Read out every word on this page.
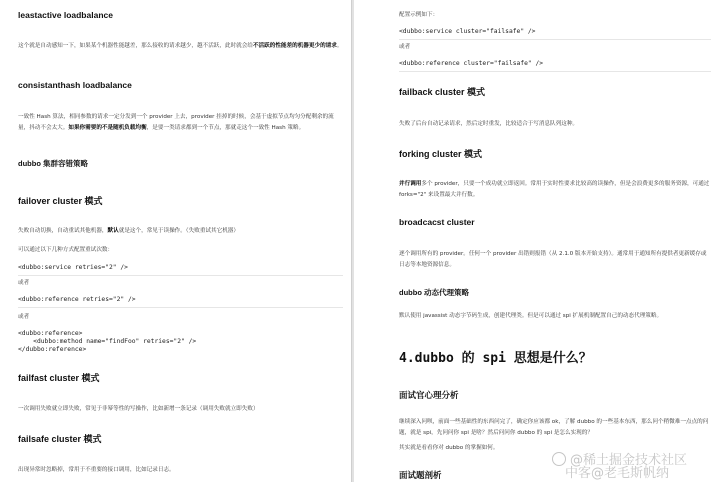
leastactive loadbalance
这个就是自动感知一下，如果某个机器性能越差，那么接收的请求越少，越不活跃，此时就会给不活跃的性能差的机器更少的请求。
consistanthash loadbalance
一致性 Hash 算法，相同参数的请求一定分发到一个 provider 上去，provider 挂掉的时候，会基于虚拟节点均匀分配剩余的流量，抖动不会太大。如果你需要的不是随机负载均衡，是要一类请求都到一个节点，那就走这个一致性 Hash 策略。
dubbo 集群容错策略
failover cluster 模式
失败自动切换，自动重试其他机器，默认就是这个，常见于读操作。（失败重试其它机器）
可以通过以下几种方式配置重试次数：
<dubbo:service retries="2" />
或者
<dubbo:reference retries="2" />
或者
<dubbo:reference>
<dubbo:method name="findFoo" retries="2" />
</dubbo:reference>
failfast cluster 模式
一次调用失败就立即失败，常见于非幂等性的写操作，比如新增一条记录（调用失败就立即失败）
failsafe cluster 模式
出现异常时忽略掉，常用于不重要的接口调用，比如记录日志。
配置示例如下：
<dubbo:service cluster="failsafe" />
或者
<dubbo:reference cluster="failsafe" />
failback cluster 模式
失败了后台自动记录请求，然后定时重发，比较适合于写消息队列这种。
forking cluster 模式
并行调用多个 provider，只要一个成功就立即返回。常用于实时性要求比较高的读操作，但是会浪费更多的服务资源，可通过 forks="2" 来设置最大并行数。
broadcacst cluster
逐个调用所有的 provider。任何一个 provider 出错则报错（从 2.1.0 版本开始支持）。通常用于通知所有提供者更新缓存或日志等本地资源信息。
dubbo 动态代理策略
默认使用 javassist 动态字节码生成，创建代理类。但是可以通过 spi 扩展机制配置自己的动态代理策略。
4.dubbo 的 spi 思想是什么？
面试官心理分析
继续深入问呗，前面一些基础性的东西问完了，确定你应该都 ok，了解 dubbo 的一些基本东西，那么问个稍微难一点点的问题，就是 spi，先问问你 spi 是啥？然后问问你 dubbo 的 spi 是怎么实现的？
其实就是看看你对 dubbo 的掌握如何。
面试题剖析
@稀土掘金技术社区
中客@老毛斯帆纳
